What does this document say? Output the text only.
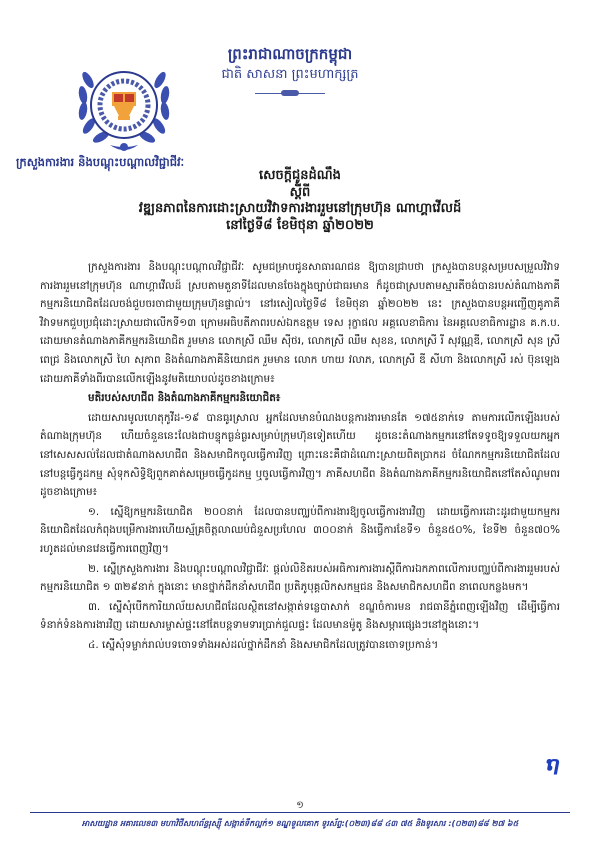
ព្រះរាជាណាចក្រកម្ពុជា
ជាតិ សាសនា ព្រះមហាក្សត្រ
ក្រសួងការងារ និងបណ្តុះបណ្តាលវិជ្ជាជីវៈ
សេចក្តីជូនដំណឹង
ស្តីពី
វឌ្ឍនភាពនៃការដោះស្រាយវិវាទការងាររួមនៅក្រុមហ៊ុន ណាហ្គាវើលដ៍
នៅថ្ងៃទី៨ ខែមិថុនា ឆ្នាំ២០២២

ក្រសួងការងារ និងបណ្តុះបណ្តាលវិជ្ជាជីវៈ សូមជម្រាបជូនសាធារណជន ឱ្យបានជ្រាបថា ក្រសួងបានបន្តសម្របសម្រួលវិវាទការងាររួមនៅក្រុមហ៊ុន ណាហ្គាវើលដ៍ ស្របតាមតួនាទីដែលមានចែងក្នុងច្បាប់ជាធរមាន ក៏ដូចជាស្របតាមស្មារតីចង់បានរបស់តំណាងភាគីកម្មករនិយោជិតដែលចង់ជួបចរចាជាមួយក្រុមហ៊ុនផ្ទាល់។ នៅរសៀលថ្ងៃទី៨ ខែមិថុនា ឆ្នាំ២០២២ នេះ ក្រសួងបានបន្តអញ្ជើញគូភាគីវិវាទមកជួបប្រជុំដោះស្រាយជាលើកទី១៣ ក្រោមអធិបតីភាពរបស់ឯកឧត្តម ទេស រុក្ខាផល អគ្គលេខាធិការ នៃអគ្គលេខាធិការដ្ឋាន គ.ក.ប. ដោយមានតំណាងភាគីកម្មករនិយោជិត រួមមាន លោកស្រី ឈឹម ស៊ីថរ, លោកស្រី ឈឹម សុខន, លោកស្រី រី សុវណ្ណឌី, លោកស្រី សុន ស្រីពេជ្រ និងលោកស្រី ហៃ សុភាព និងតំណាងភាគីនិយោជក រួមមាន លោក ហាយ វលាភ, លោកស្រី ឌី សីហា និងលោកស្រី រស់ ប៊ុនឡេង ដោយភាគីទាំងពីរបានលើកឡើងនូវមតិយោបល់ដូចខាងក្រោម៖

មតិរបស់សហជីព និងតំណាងភាគីកម្មករនិយោជិត៖

ដោយសារមូលហេតុកូវីដ-១៩ បានធូរស្រាល អ្នកដែលមានបំណងបន្តការងារមានតែ ១៧៥នាក់ទេ តាមការលើកឡើងរបស់តំណាងក្រុមហ៊ុន ហើយចំនួននេះលែងជាបន្ទុកធ្ងន់ធ្ងរសម្រាប់ក្រុមហ៊ុនទៀតហើយ ដូចនេះតំណាងកម្មករនៅតែទទូចឱ្យទទួលយកអ្នកនៅសេសសល់ដែលជាតំណាងសហជីព និងសមាជិកចូលធ្វើការវិញ ព្រោះនេះគឺជាដំណោះស្រាយពិតប្រាកដ ចំណែកកម្មករនិយោជិតដែលនៅបន្តធ្វើកូដកម្ម សុំទុកសិទ្ធិឱ្យពួកគាត់សម្រេចធ្វើកូដកម្ម ឬចូលធ្វើការវិញ។ ភាគីសហជីព និងតំណាងភាគីកម្មករនិយោជិតនៅតែសំណូមពរ ដូចខាងក្រោម៖

១. ស្នើឱ្យកម្មករនិយោជិត ២០០នាក់ ដែលបានបញ្ឈប់ពីការងារឱ្យចូលធ្វើការងារវិញ ដោយធ្វើការដោះដូរជាមួយកម្មករនិយោជិតដែលកំពុងបម្រើការងារហើយស្ម័គ្រចិត្តលាឈប់ជំនួសប្រហែល ៣០០នាក់ និងធ្វើការខែទី១ ចំនួន៥០%, ខែទី២ ចំនួន៧០% រហូតដល់មានវេនធ្វើការពេញវិញ។

២. ស្នើក្រសួងការងារ និងបណ្តុះបណ្តាលវិជ្ជាជីវៈ ផ្តល់លិខិតរបស់អធិការការងារស្តីពីការឯកភាពលើការបញ្ឈប់ពីការងាររួមរបស់កម្មករនិយោជិត ១ ៣២៩នាក់ ក្នុងនោះ មានថ្នាក់ដឹកនាំសហជីព ប្រតិភូបុគ្គលិកសកម្មជន និងសមាជិកសហជីព នាពេលកន្លងមក។

៣. ស្នើសុំបើកការិយាល័យសហជីពដែលស្ថិតនៅសង្កាត់ទន្លេបាសាក់ ខណ្ឌចំការមន រាជធានីភ្នំពេញឡើងវិញ ដើម្បីធ្វើការទំនាក់ទំនងការងារវិញ ដោយសារម្ចាស់ផ្ទះនៅតែបន្តទាមទារប្រាក់ជួលផ្ទះ ដែលមានម៉ូតូ និងសម្ភារផ្សេងៗនៅក្នុងនោះ។

៤. ស្នើសុំទម្លាក់រាល់បទចោទទាំងអស់ដល់ថ្នាក់ដឹកនាំ និងសមាជិកដែលត្រូវបានចោទប្រកាន់។

ຖ
១
អាសយដ្ឋាន អគារលេខ៣ មហាវិថីសហព័ន្ធរុស្ស៊ី សង្កាត់ទឹកល្អក់១ ខណ្ឌទួលគោក ទូរស័ព្ទ:(០២៣)៨៨ ៤៣ ៧៥ និងទូរសារ :(០២៣)៨៨ ២៧ ៦៥
